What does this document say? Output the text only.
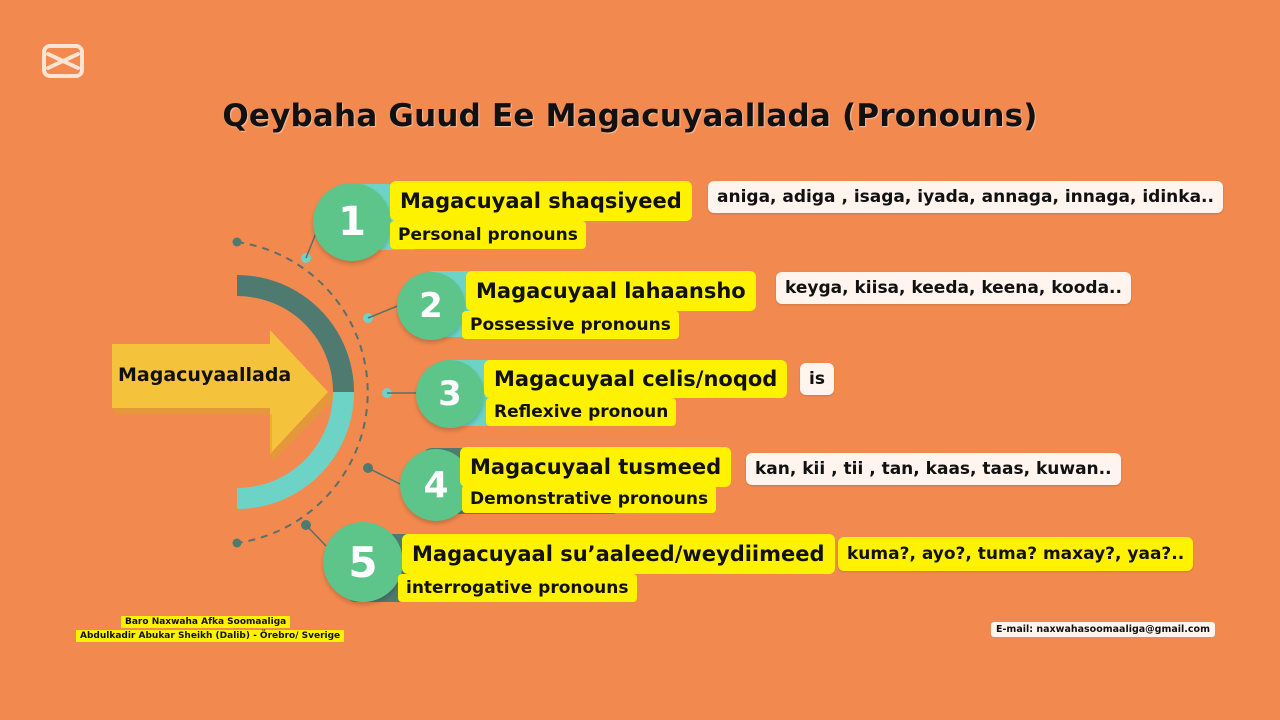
Qeybaha Guud Ee Magacuyaallada (Pronouns)
Magacuyaallada
1	Magacuyaal shaqsiyeed
Personal pronouns
aniga, adiga , isaga, iyada, annaga, innaga, idinka..
2	Magacuyaal lahaansho
Possessive pronouns
keyga, kiisa, keeda, keena, kooda..
3	Magacuyaal celis/noqod
Reflexive pronoun
is
4	Magacuyaal tusmeed
Demonstrative pronouns
kan, kii , tii , tan, kaas, taas, kuwan..
5	Magacuyaal su’aaleed/weydiimeed
interrogative pronouns
kuma?, ayo?, tuma? maxay?, yaa?..
Baro Naxwaha Afka Soomaaliga
Abdulkadir Abukar Sheikh (Dalib) - Örebro/ Sverige
E-mail: naxwahasoomaaliga@gmail.com
